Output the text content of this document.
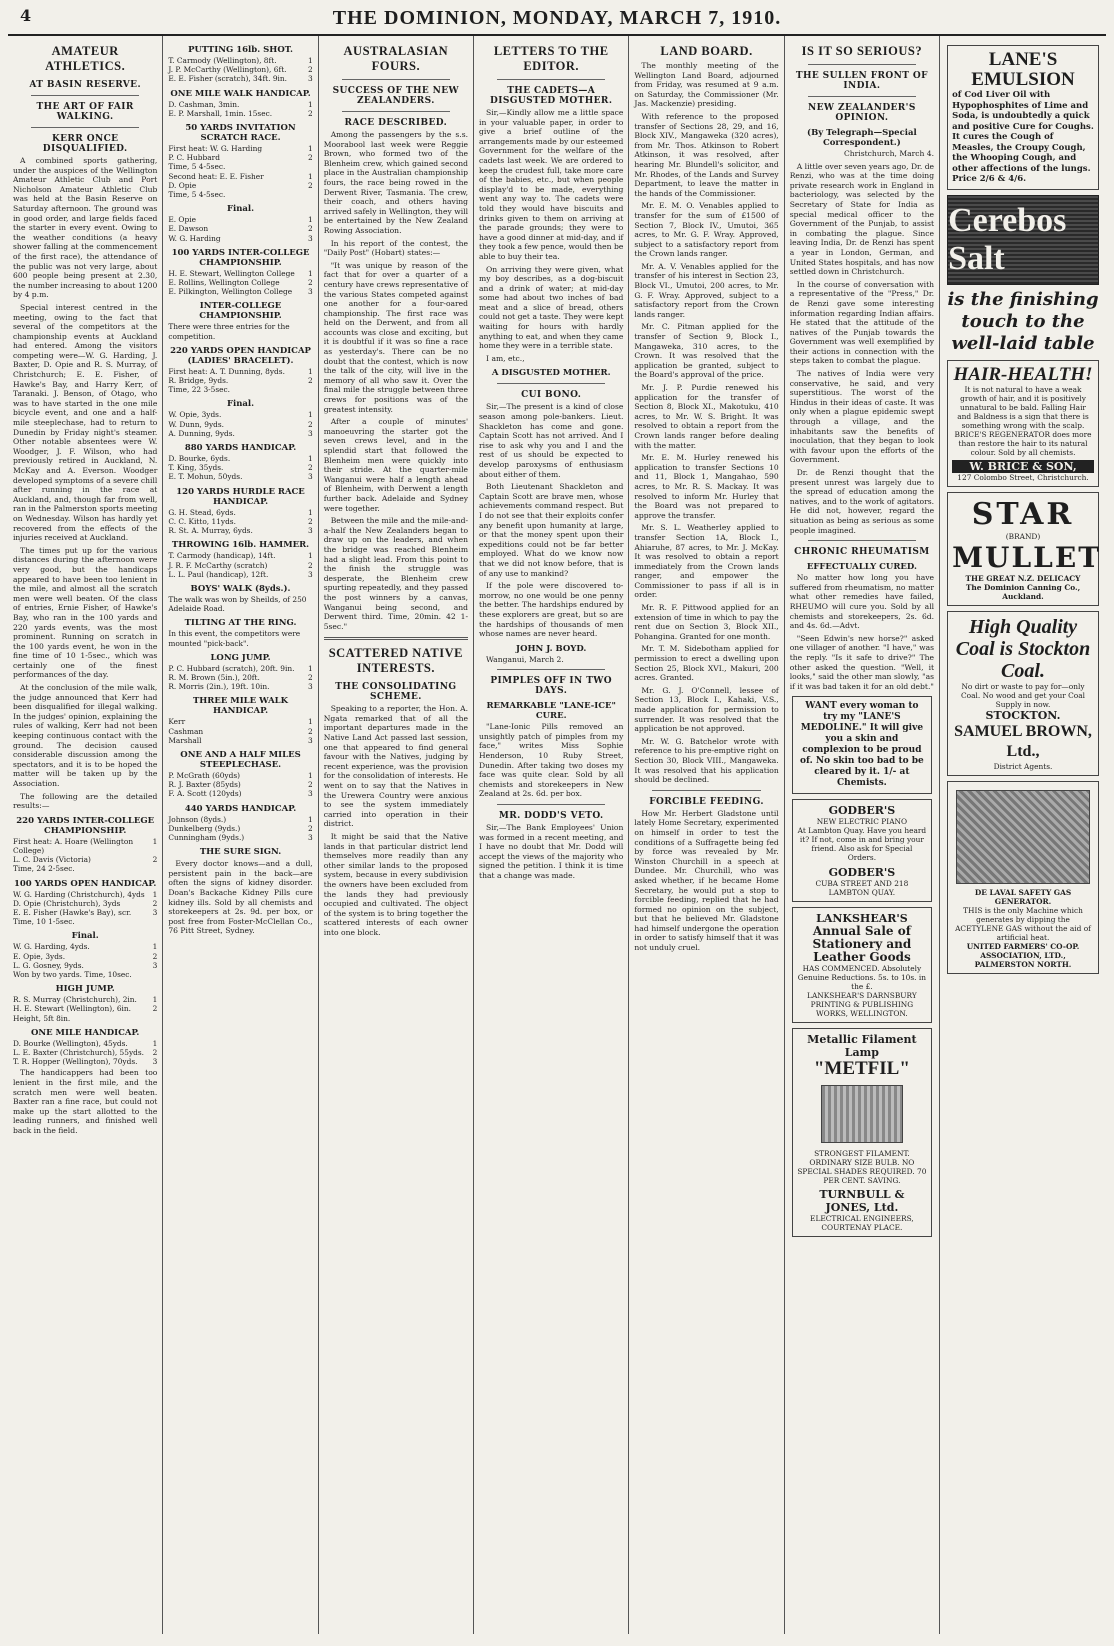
4	THE DOMINION, MONDAY, MARCH 7, 1910.
AMATEUR ATHLETICS.
AT BASIN RESERVE.
THE ART OF FAIR WALKING.
KERR ONCE DISQUALIFIED.

A combined sports gathering, under the auspices of the Wellington Amateur Athletic Club and Port Nicholson Amateur Athletic Club was held at the Basin Reserve on Saturday afternoon. The ground was in good order, and large fields faced the starter in every event. Owing to the weather conditions (a heavy shower falling at the commencement of the first race), the attendance of the public was not very large, about 600 people being present at 2.30, the number increasing to about 1200 by 4 p.m.

Special interest centred in the meeting, owing to the fact that several of the competitors at the championship events at Auckland had entered. Among the visitors competing were—W. G. Harding, J. Baxter, D. Opie and R. S. Murray, of Christchurch; E. E. Fisher, of Hawke's Bay, and Harry Kerr, of Taranaki. J. Benson, of Otago, who was to have started in the one mile bicycle event, and one and a half-mile steeplechase, had to return to Dunedin by Friday night's steamer. Other notable absentees were W. Woodger, J. F. Wilson, who had previously retired in Auckland, N. McKay and A. Everson. Woodger developed symptoms of a severe chill after running in the race at Auckland, and, though far from well, ran in the Palmerston sports meeting on Wednesday. Wilson has hardly yet recovered from the effects of the injuries received at Auckland.

The times put up for the various distances during the afternoon were very good, but the handicaps appeared to have been too lenient in the mile, and almost all the scratch men were well beaten. Of the class of entries, Ernie Fisher, of Hawke's Bay, who ran in the 100 yards and 220 yards events, was the most prominent. Running on scratch in the 100 yards event, he won in the fine time of 10 1-5sec., which was certainly one of the finest performances of the day.

At the conclusion of the mile walk, the judge announced that Kerr had been disqualified for illegal walking. In the judges' opinion, explaining the rules of walking, Kerr had not been keeping continuous contact with the ground. The decision caused considerable discussion among the spectators, and it is to be hoped the matter will be taken up by the Association.

The following are the detailed results:—

220 YARDS INTER-COLLEGE CHAMPIONSHIP.
First heat: A. Hoare (Wellington College)
1
L. C. Davis (Victoria)	2
Time, 24 2-5sec.
100 YARDS OPEN HANDICAP.
W. G. Harding (Christchurch), 4yds	1
D. Opie (Christchurch), 3yds	2
E. E. Fisher (Hawke's Bay), scr.	3
Time, 10 1-5sec.
Final.
W. G. Harding, 4yds.	1
E. Opie, 3yds.	2
L. G. Gosney, 9yds.	3
Won by two yards. Time, 10sec.
HIGH JUMP.
R. S. Murray (Christchurch), 2in.	1
H. E. Stewart (Wellington), 6in.	2
Height, 5ft 8in.
ONE MILE HANDICAP.
D. Bourke (Wellington), 45yds.	1
L. E. Baxter (Christchurch), 55yds.	2
T. R. Hopper (Wellington), 70yds.	3

The handicappers had been too lenient in the first mile, and the scratch men were well beaten. Baxter ran a fine race, but could not make up the start allotted to the leading runners, and finished well back in the field.

PUTTING 16lb. SHOT.
T. Carmody (Wellington), 8ft.	1
J. P. McCarthy (Wellington), 6ft.	2
E. E. Fisher (scratch), 34ft. 9in.	3
ONE MILE WALK HANDICAP.
D. Cashman, 3min.	1
E. P. Marshall, 1min. 15sec.	2
50 YARDS INVITATION SCRATCH RACE.
First heat: W. G. Harding	1
P. C. Hubbard	2
Time, 5 4-5sec.
Second heat: E. E. Fisher	1
D. Opie	2
Time, 5 4-5sec.
Final.
E. Opie	1
E. Dawson	2
W. G. Harding	3
100 YARDS INTER-COLLEGE CHAMPIONSHIP.
H. E. Stewart, Wellington College	1
E. Rollins, Wellington College	2
E. Pilkington, Wellington College	3
INTER-COLLEGE CHAMPIONSHIP.
There were three entries for the competition.
220 YARDS OPEN HANDICAP (LADIES' BRACELET).
First heat: A. T. Dunning, 8yds.	1
R. Bridge, 9yds.	2
Time, 22 3-5sec.
Final.
W. Opie, 3yds.	1
W. Dunn, 9yds.	2
A. Dunning, 9yds.	3
880 YARDS HANDICAP.
D. Bourke, 6yds.	1
T. King, 35yds.	2
E. T. Mohun, 50yds.	3
120 YARDS HURDLE RACE HANDICAP.
G. H. Stead, 6yds.	1
C. C. Kitto, 11yds.	2
R. St. A. Murray, 6yds.	3
THROWING 16lb. HAMMER.
T. Carmody (handicap), 14ft.	1
J. R. F. McCarthy (scratch)	2
L. L. Paul (handicap), 12ft.	3
BOYS' WALK (8yds.).
The walk was won by Sheilds, of 250 Adelaide Road.
TILTING AT THE RING.
In this event, the competitors were mounted "pick-back".
LONG JUMP.
P. C. Hubbard (scratch), 20ft. 9in.	1
R. M. Brown (5in.), 20ft.	2
R. Morris (2in.), 19ft. 10in.	3
THREE MILE WALK HANDICAP.
Kerr	1
Cashman	2
Marshall	3
ONE AND A HALF MILES STEEPLECHASE.
P. McGrath (60yds)	1
R. J. Baxter (85yds)	2
F. A. Scott (120yds)	3
440 YARDS HANDICAP.
Johnson (8yds.)	1
Dunkelberg (9yds.)	2
Cunningham (9yds.)	3
THE SURE SIGN.

Every doctor knows—and a dull, persistent pain in the back—are often the signs of kidney disorder. Doan's Backache Kidney Pills cure kidney ills. Sold by all chemists and storekeepers at 2s. 9d. per box, or post free from Foster-McClellan Co., 76 Pitt Street, Sydney.

AUSTRALASIAN FOURS.
SUCCESS OF THE NEW ZEALANDERS.
RACE DESCRIBED.

Among the passengers by the s.s. Moorabool last week were Reggie Brown, who formed two of the Blenheim crew, which gained second place in the Australian championship fours, the race being rowed in the Derwent River, Tasmania. The crew, their coach, and others having arrived safely in Wellington, they will be entertained by the New Zealand Rowing Association.

In his report of the contest, the "Daily Post" (Hobart) states:—

"It was unique by reason of the fact that for over a quarter of a century have crews representative of the various States competed against one another for a four-oared championship. The first race was held on the Derwent, and from all accounts was close and exciting, but it is doubtful if it was so fine a race as yesterday's. There can be no doubt that the contest, which is now the talk of the city, will live in the memory of all who saw it. Over the final mile the struggle between three crews for positions was of the greatest intensity.

After a couple of minutes' manoeuvring the starter got the seven crews level, and in the splendid start that followed the Blenheim men were quickly into their stride. At the quarter-mile Wanganui were half a length ahead of Blenheim, with Derwent a length further back. Adelaide and Sydney were together.

Between the mile and the mile-and-a-half the New Zealanders began to draw up on the leaders, and when the bridge was reached Blenheim had a slight lead. From this point to the finish the struggle was desperate, the Blenheim crew spurting repeatedly, and they passed the post winners by a canvas, Wanganui being second, and Derwent third. Time, 20min. 42 1-5sec."

SCATTERED NATIVE INTERESTS.
THE CONSOLIDATING SCHEME.

Speaking to a reporter, the Hon. A. Ngata remarked that of all the important departures made in the Native Land Act passed last session, one that appeared to find general favour with the Natives, judging by recent experience, was the provision for the consolidation of interests. He went on to say that the Natives in the Urewera Country were anxious to see the system immediately carried into operation in their district.

It might be said that the Native lands in that particular district lend themselves more readily than any other similar lands to the proposed system, because in every subdivision the owners have been excluded from the lands they had previously occupied and cultivated. The object of the system is to bring together the scattered interests of each owner into one block.

LETTERS TO THE EDITOR.
THE CADETS—A DISGUSTED MOTHER.

Sir,—Kindly allow me a little space in your valuable paper, in order to give a brief outline of the arrangements made by our esteemed Government for the welfare of the cadets last week. We are ordered to keep the crudest full, take more care of the babies, etc., but when people display'd to be made, everything went any way to. The cadets were told they would have biscuits and drinks given to them on arriving at the parade grounds; they were to have a good dinner at mid-day, and if they took a few pence, would then be able to buy their tea.

On arriving they were given, what my boy describes, as a dog-biscuit and a drink of water; at mid-day some had about two inches of bad meat and a slice of bread, others could not get a taste. They were kept waiting for hours with hardly anything to eat, and when they came home they were in a terrible state.

I am, etc.,

A DISGUSTED MOTHER.
CUI BONO.

Sir,—The present is a kind of close season among pole-bankers. Lieut. Shackleton has come and gone. Captain Scott has not arrived. And I rise to ask why you and I and the rest of us should be expected to develop paroxysms of enthusiasm about either of them.

Both Lieutenant Shackleton and Captain Scott are brave men, whose achievements command respect. But I do not see that their exploits confer any benefit upon humanity at large, or that the money spent upon their expeditions could not be far better employed. What do we know now that we did not know before, that is of any use to mankind?

If the pole were discovered to-morrow, no one would be one penny the better. The hardships endured by these explorers are great, but so are the hardships of thousands of men whose names are never heard.

JOHN J. BOYD.

Wanganui, March 2.

PIMPLES OFF IN TWO DAYS.
REMARKABLE "LANE-ICE" CURE.

"Lane-Ionic Pills removed an unsightly patch of pimples from my face," writes Miss Sophie Henderson, 10 Ruby Street, Dunedin. After taking two doses my face was quite clear. Sold by all chemists and storekeepers in New Zealand at 2s. 6d. per box.

MR. DODD'S VETO.

Sir,—The Bank Employees' Union was formed in a recent meeting, and I have no doubt that Mr. Dodd will accept the views of the majority who signed the petition. I think it is time that a change was made.

LAND BOARD.

The monthly meeting of the Wellington Land Board, adjourned from Friday, was resumed at 9 a.m. on Saturday, the Commissioner (Mr. Jas. Mackenzie) presiding.

With reference to the proposed transfer of Sections 28, 29, and 16, Block XIV., Mangaweka (320 acres), from Mr. Thos. Atkinson to Robert Atkinson, it was resolved, after hearing Mr. Blundell's solicitor, and Mr. Rhodes, of the Lands and Survey Department, to leave the matter in the hands of the Commissioner.

Mr. E. M. O. Venables applied to transfer for the sum of £1500 of Section 7, Block IV., Umutoi, 365 acres, to Mr. G. F. Wray. Approved, subject to a satisfactory report from the Crown lands ranger.

Mr. A. V. Venables applied for the transfer of his interest in Section 23, Block VI., Umutoi, 200 acres, to Mr. G. F. Wray. Approved, subject to a satisfactory report from the Crown lands ranger.

Mr. C. Pitman applied for the transfer of Section 9, Block I., Mangaweka, 310 acres, to the Crown. It was resolved that the application be granted, subject to the Board's approval of the price.

Mr. J. P. Purdie renewed his application for the transfer of Section 8, Block XI., Makotuku, 410 acres, to Mr. W. S. Bright. It was resolved to obtain a report from the Crown lands ranger before dealing with the matter.

Mr. E. M. Hurley renewed his application to transfer Sections 10 and 11, Block 1, Mangahao, 590 acres, to Mr. R. S. Mackay. It was resolved to inform Mr. Hurley that the Board was not prepared to approve the transfer.

Mr. S. L. Weatherley applied to transfer Section 1A, Block I., Ahiaruhe, 87 acres, to Mr. J. McKay. It was resolved to obtain a report immediately from the Crown lands ranger, and empower the Commissioner to pass if all is in order.

Mr. R. F. Pittwood applied for an extension of time in which to pay the rent due on Section 3, Block XII., Pohangina. Granted for one month.

Mr. T. M. Sidebotham applied for permission to erect a dwelling upon Section 25, Block XVI., Makuri, 200 acres. Granted.

Mr. G. J. O'Connell, lessee of Section 13, Block I., Kahaki, V.S., made application for permission to surrender. It was resolved that the application be not approved.

Mr. W. G. Batchelor wrote with reference to his pre-emptive right on Section 30, Block VIII., Mangaweka. It was resolved that his application should be declined.

FORCIBLE FEEDING.

How Mr. Herbert Gladstone until lately Home Secretary, experimented on himself in order to test the conditions of a Suffragette being fed by force was revealed by Mr. Winston Churchill in a speech at Dundee. Mr. Churchill, who was asked whether, if he became Home Secretary, he would put a stop to forcible feeding, replied that he had formed no opinion on the subject, but that he believed Mr. Gladstone had himself undergone the operation in order to satisfy himself that it was not unduly cruel.

IS IT SO SERIOUS?
THE SULLEN FRONT OF INDIA.
NEW ZEALANDER'S OPINION.
(By Telegraph—Special Correspondent.)

Christchurch, March 4.

A little over seven years ago, Dr. de Renzi, who was at the time doing private research work in England in bacteriology, was selected by the Secretary of State for India as special medical officer to the Government of the Punjab, to assist in combating the plague. Since leaving India, Dr. de Renzi has spent a year in London, German, and United States hospitals, and has now settled down in Christchurch.

In the course of conversation with a representative of the "Press," Dr. de Renzi gave some interesting information regarding Indian affairs. He stated that the attitude of the natives of the Punjab towards the Government was well exemplified by their actions in connection with the steps taken to combat the plague.

The natives of India were very conservative, he said, and very superstitious. The worst of the Hindus in their ideas of caste. It was only when a plague epidemic swept through a village, and the inhabitants saw the benefits of inoculation, that they began to look with favour upon the efforts of the Government.

Dr. de Renzi thought that the present unrest was largely due to the spread of education among the natives, and to the work of agitators. He did not, however, regard the situation as being as serious as some people imagined.

CHRONIC RHEUMATISM
EFFECTUALLY CURED.

No matter how long you have suffered from rheumatism, no matter what other remedies have failed, RHEUMO will cure you. Sold by all chemists and storekeepers, 2s. 6d. and 4s. 6d.—Advt.

"Seen Edwin's new horse?" asked one villager of another. "I have," was the reply. "Is it safe to drive?" The other asked the question. "Well, it looks," said the other man slowly, "as if it was bad taken it for an old debt."

WANT every woman to try my "LANE'S MEDOLINE." It will give you a skin and complexion to be proud of. No skin too bad to be cleared by it. 1/- at Chemists.
GODBER'S
NEW ELECTRIC PIANO
At Lambton Quay. Have you heard it? If not, come in and bring your friend. Also ask for Special Orders.
GODBER'S
CUBA STREET AND 218 LAMBTON QUAY.
LANKSHEAR'S
Annual Sale of Stationery and Leather Goods
HAS COMMENCED. Absolutely Genuine Reductions. 5s. to 10s. in the £.
LANKSHEAR'S DARNSBURY PRINTING & PUBLISHING WORKS, WELLINGTON.
Metallic Filament Lamp
"METFIL"
STRONGEST FILAMENT. ORDINARY SIZE BULB. NO SPECIAL SHADES REQUIRED. 70 PER CENT. SAVING.
TURNBULL & JONES, Ltd.
ELECTRICAL ENGINEERS, COURTENAY PLACE.
LANE'S EMULSION
of Cod Liver Oil with Hypophosphites of Lime and Soda, is undoubtedly a quick and positive Cure for Coughs. It cures the Cough of Measles, the Croupy Cough, the Whooping Cough, and other affections of the lungs. Price 2/6 & 4/6.
Cerebos Salt
is the finishing touch to the well-laid table
HAIR-HEALTH!
It is not natural to have a weak growth of hair, and it is positively unnatural to be bald. Falling Hair and Baldness is a sign that there is something wrong with the scalp.
BRICE'S REGENERATOR does more than restore the hair to its natural colour. Sold by all chemists.
W. BRICE & SON,
127 Colombo Street, Christchurch.
STAR
(BRAND)
MULLET
THE GREAT N.Z. DELICACY
The Dominion Canning Co., Auckland.
High Quality Coal is Stockton Coal.
No dirt or waste to pay for—only Coal. No wood and get your Coal Supply in now.
STOCKTON.
SAMUEL BROWN, Ltd.,
District Agents.
DE LAVAL SAFETY GAS GENERATOR.
THIS is the only Machine which generates by dipping the ACETYLENE GAS without the aid of artificial heat.
UNITED FARMERS' CO-OP. ASSOCIATION, LTD., PALMERSTON NORTH.
